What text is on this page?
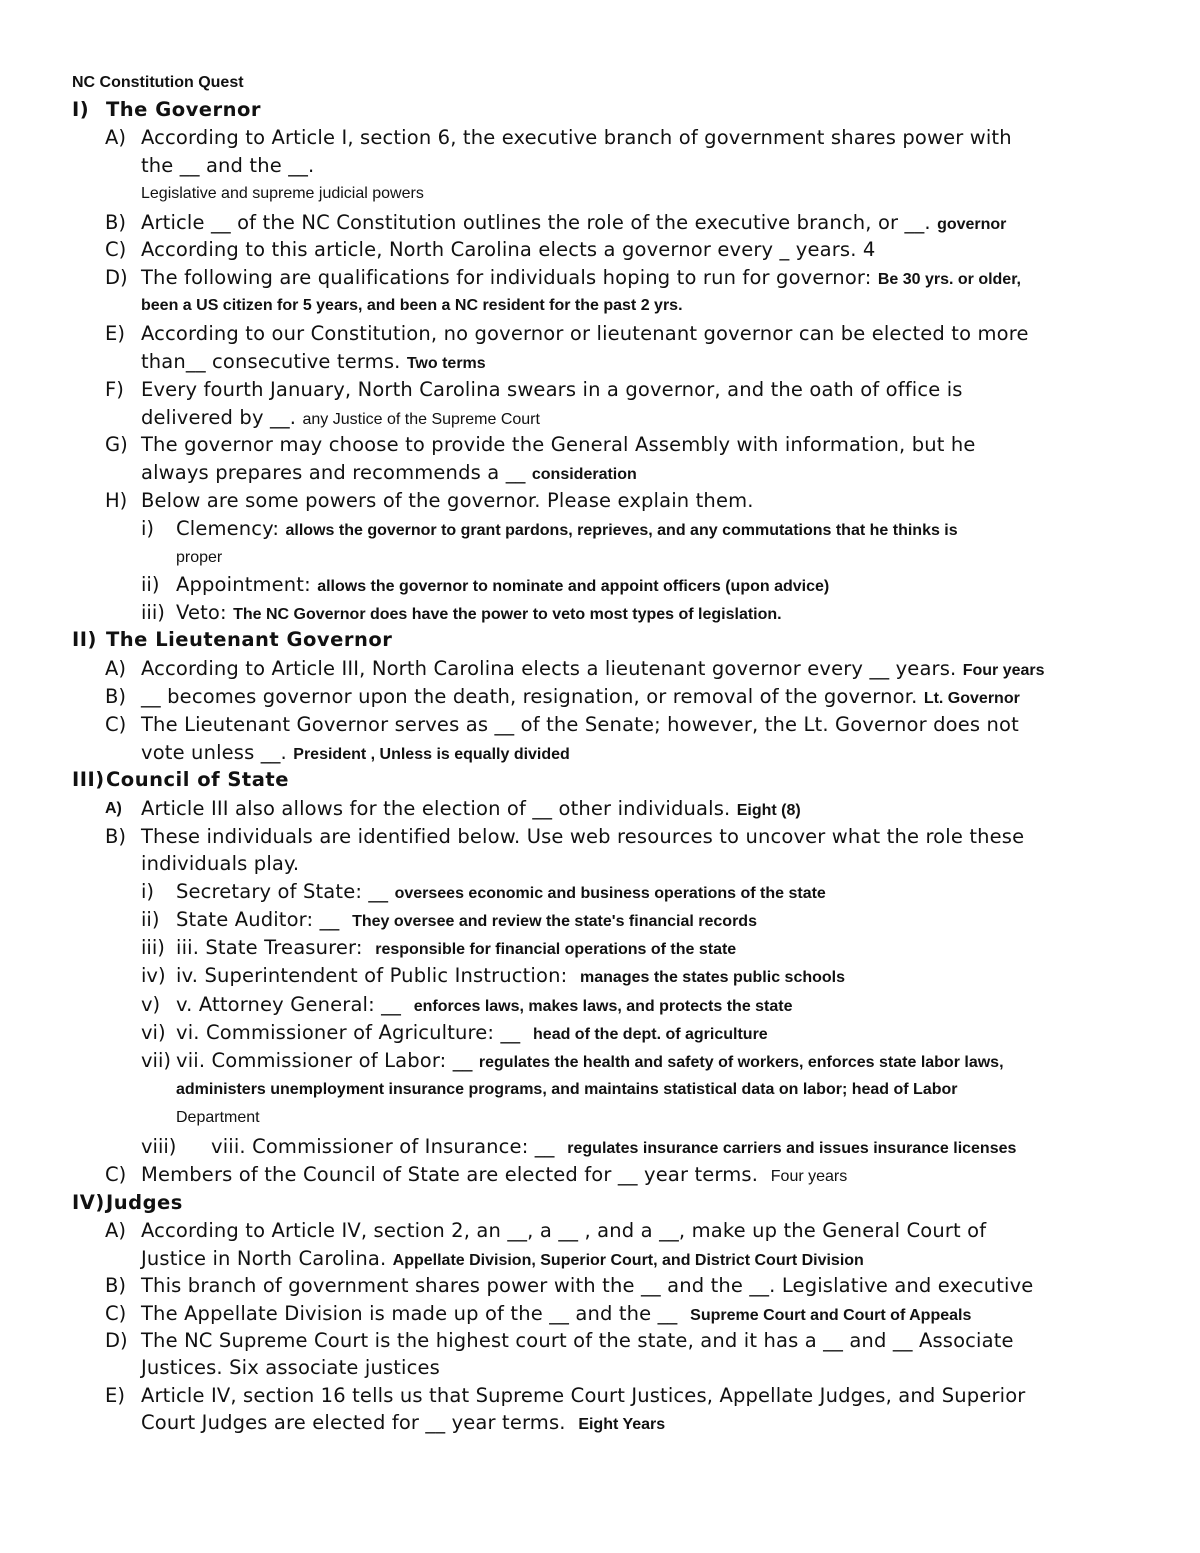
NC Constitution Quest
I) The Governor
A) According to Article I, section 6, the executive branch of government shares power with
the __ and the __.
Legislative and supreme judicial powers
B) Article __ of the NC Constitution outlines the role of the executive branch, or __. governor
C) According to this article, North Carolina elects a governor every _ years. 4
D) The following are qualifications for individuals hoping to run for governor: Be 30 yrs. or older,
been a US citizen for 5 years, and been a NC resident for the past 2 yrs.
E) According to our Constitution, no governor or lieutenant governor can be elected to more
than__ consecutive terms. Two terms
F) Every fourth January, North Carolina swears in a governor, and the oath of office is
delivered by __. any Justice of the Supreme Court
G) The governor may choose to provide the General Assembly with information, but he
always prepares and recommends a __ consideration
H) Below are some powers of the governor. Please explain them.
i) Clemency: allows the governor to grant pardons, reprieves, and any commutations that he thinks is
proper
ii) Appointment: allows the governor to nominate and appoint officers (upon advice)
iii) Veto: The NC Governor does have the power to veto most types of legislation.
II) The Lieutenant Governor
A) According to Article III, North Carolina elects a lieutenant governor every __ years. Four years
B) __ becomes governor upon the death, resignation, or removal of the governor. Lt. Governor
C) The Lieutenant Governor serves as __ of the Senate; however, the Lt. Governor does not
vote unless __. President , Unless is equally divided
III) Council of State
A) Article III also allows for the election of __ other individuals. Eight (8)
B) These individuals are identified below. Use web resources to uncover what the role these
individuals play.
i) Secretary of State: __ oversees economic and business operations of the state
ii) State Auditor: __ They oversee and review the state's financial records
iii) iii. State Treasurer: responsible for financial operations of the state
iv) iv. Superintendent of Public Instruction: manages the states public schools
v) v. Attorney General: __ enforces laws, makes laws, and protects the state
vi) vi. Commissioner of Agriculture: __ head of the dept. of agriculture
vii) vii. Commissioner of Labor: __ regulates the health and safety of workers, enforces state labor laws,
administers unemployment insurance programs, and maintains statistical data on labor; head of Labor
Department
viii) viii. Commissioner of Insurance: __ regulates insurance carriers and issues insurance licenses
C) Members of the Council of State are elected for __ year terms. Four years
IV) Judges
A) According to Article IV, section 2, an __, a __ , and a __, make up the General Court of
Justice in North Carolina. Appellate Division, Superior Court, and District Court Division
B) This branch of government shares power with the __ and the __. Legislative and executive
C) The Appellate Division is made up of the __ and the __ Supreme Court and Court of Appeals
D) The NC Supreme Court is the highest court of the state, and it has a __ and __ Associate
Justices. Six associate justices
E) Article IV, section 16 tells us that Supreme Court Justices, Appellate Judges, and Superior
Court Judges are elected for __ year terms. Eight Years
